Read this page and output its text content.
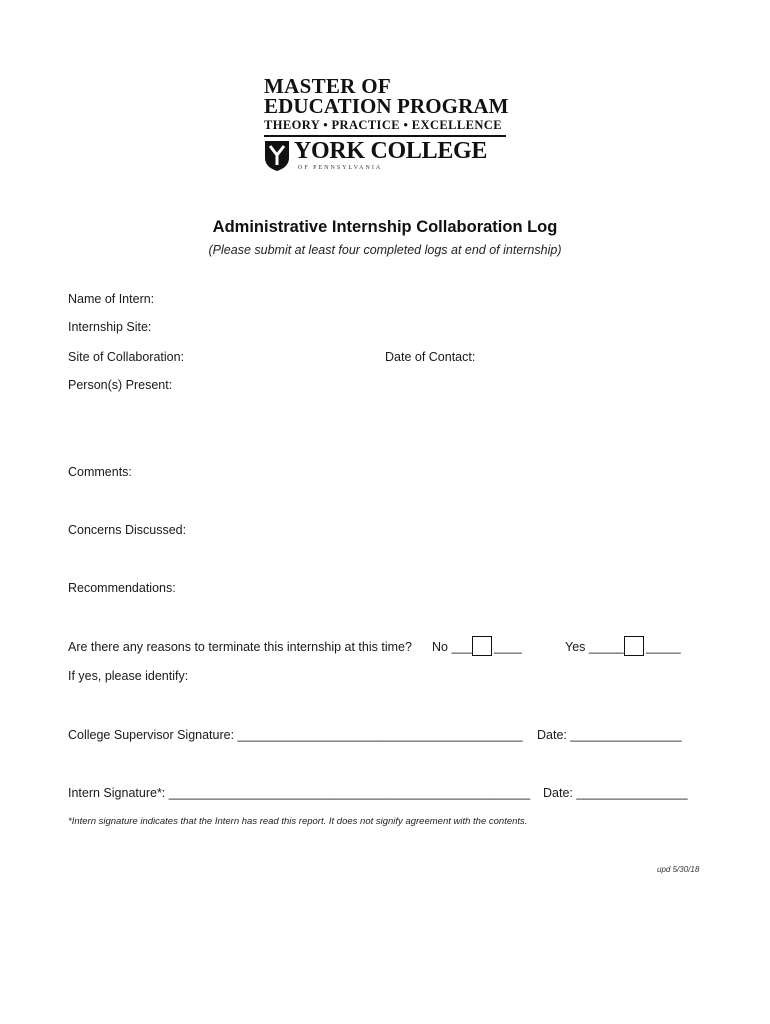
MASTER OF
EDUCATION PROGRAM
THEORY • PRACTICE • EXCELLENCE
YORK COLLEGE
OF PENNSYLVANIA
Administrative Internship Collaboration Log
(Please submit at least four completed logs at end of internship)
Name of Intern:
Internship Site:
Site of Collaboration:	Date of Contact:
Person(s) Present:
Comments:
Concerns Discussed:
Recommendations:
Are there any reasons to terminate this internship at this time? No ___ ____	Yes _____ _____
If yes, please identify:
College Supervisor Signature: _________________________________________ Date: ________________
Intern Signature*: ____________________________________________________ Date: ________________
*Intern signature indicates that the Intern has read this report. It does not signify agreement with the contents.
upd 5/30/18
